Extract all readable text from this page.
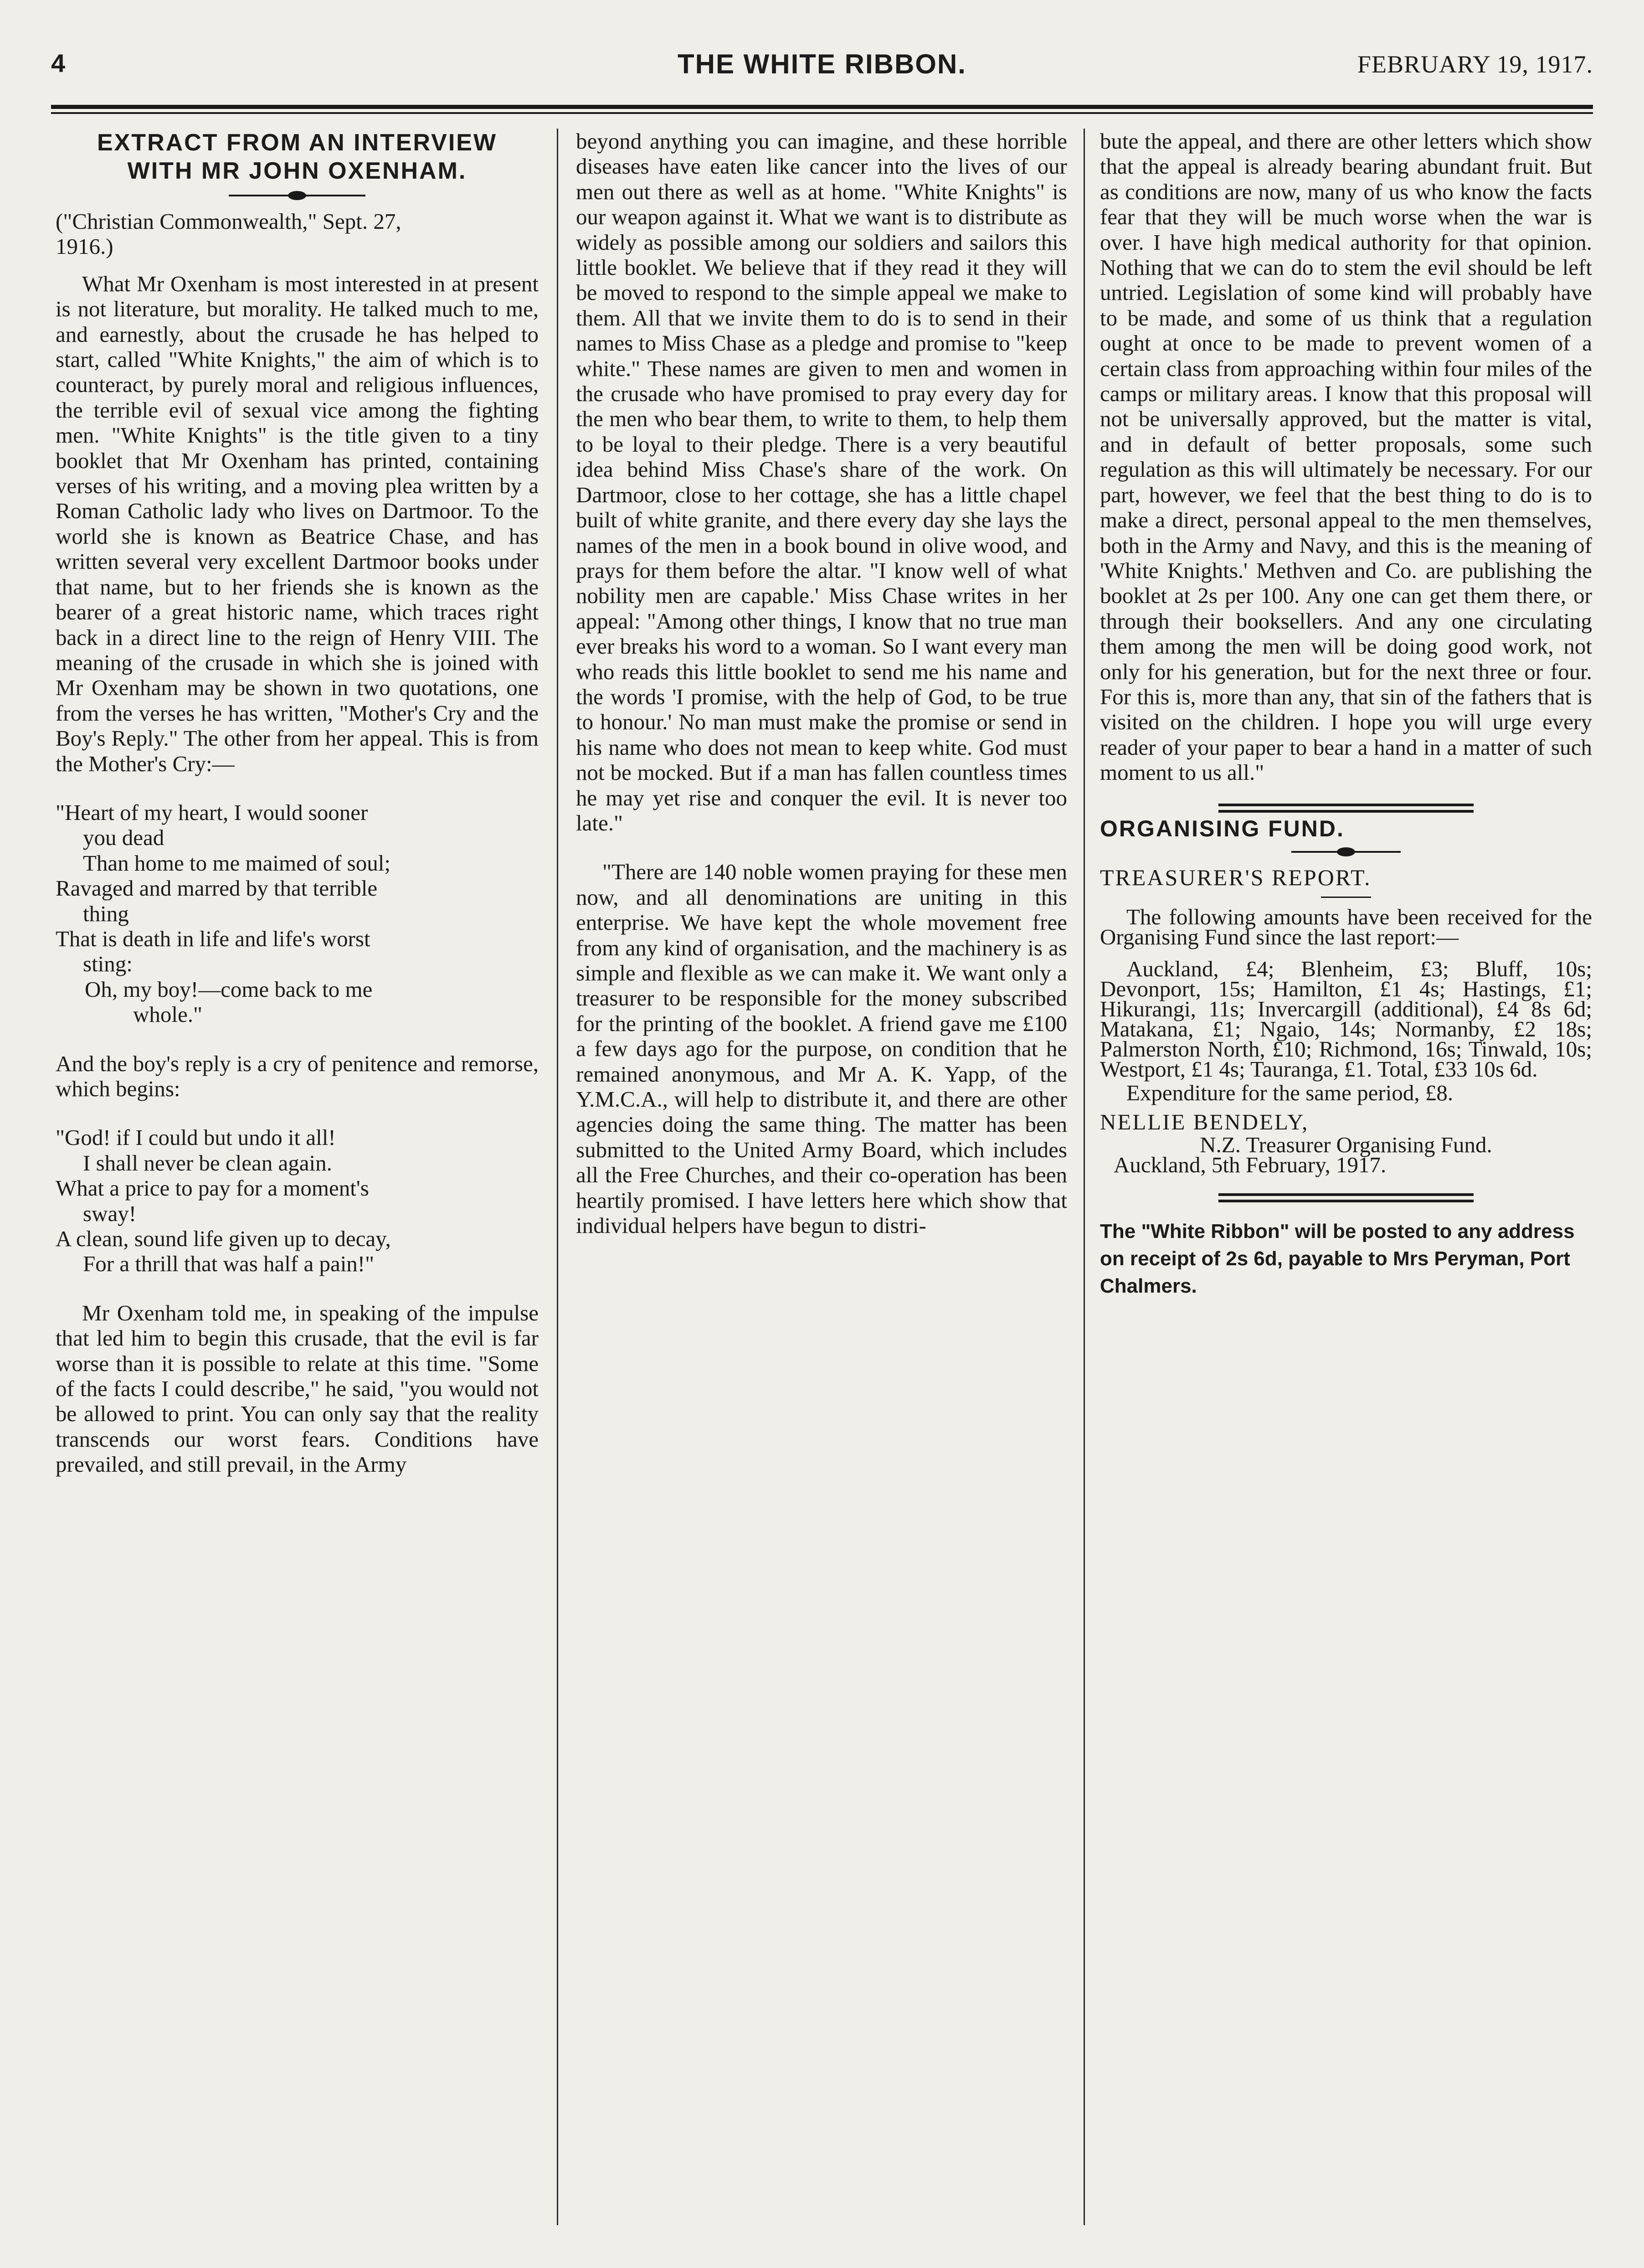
4	THE WHITE RIBBON.	FEBRUARY 19, 1917.
EXTRACT FROM AN INTERVIEW
WITH MR JOHN OXENHAM.

("Christian Commonwealth," Sept. 27,
1916.)

What Mr Oxenham is most interested in at present is not literature, but morality. He talked much to me, and earnestly, about the crusade he has helped to start, called "White Knights," the aim of which is to counteract, by purely moral and religious influences, the terrible evil of sexual vice among the fighting men. "White Knights" is the title given to a tiny booklet that Mr Oxenham has printed, containing verses of his writing, and a moving plea written by a Roman Catholic lady who lives on Dartmoor. To the world she is known as Beatrice Chase, and has written several very excellent Dartmoor books under that name, but to her friends she is known as the bearer of a great historic name, which traces right back in a direct line to the reign of Henry VIII. The meaning of the crusade in which she is joined with Mr Oxenham may be shown in two quotations, one from the verses he has written, "Mother's Cry and the Boy's Reply." The other from her appeal. This is from the Mother's Cry:—

"Heart of my heart, I would sooner

you dead

Than home to me maimed of soul;

Ravaged and marred by that terrible

thing

That is death in life and life's worst

sting:

Oh, my boy!—come back to me

whole."

And the boy's reply is a cry of penitence and remorse, which begins:

"God! if I could but undo it all!

I shall never be clean again.

What a price to pay for a moment's

sway!

A clean, sound life given up to decay,

For a thrill that was half a pain!"

Mr Oxenham told me, in speaking of the impulse that led him to begin this crusade, that the evil is far worse than it is possible to relate at this time. "Some of the facts I could describe," he said, "you would not be allowed to print. You can only say that the reality transcends our worst fears. Conditions have prevailed, and still prevail, in the Army

beyond anything you can imagine, and these horrible diseases have eaten like cancer into the lives of our men out there as well as at home. "White Knights" is our weapon against it. What we want is to distribute as widely as possible among our soldiers and sailors this little booklet. We believe that if they read it they will be moved to respond to the simple appeal we make to them. All that we invite them to do is to send in their names to Miss Chase as a pledge and promise to "keep white." These names are given to men and women in the crusade who have promised to pray every day for the men who bear them, to write to them, to help them to be loyal to their pledge. There is a very beautiful idea behind Miss Chase's share of the work. On Dartmoor, close to her cottage, she has a little chapel built of white granite, and there every day she lays the names of the men in a book bound in olive wood, and prays for them before the altar. "I know well of what nobility men are capable.' Miss Chase writes in her appeal: "Among other things, I know that no true man ever breaks his word to a woman. So I want every man who reads this little booklet to send me his name and the words 'I promise, with the help of God, to be true to honour.' No man must make the promise or send in his name who does not mean to keep white. God must not be mocked. But if a man has fallen countless times he may yet rise and conquer the evil. It is never too late."

"There are 140 noble women praying for these men now, and all denominations are uniting in this enterprise. We have kept the whole movement free from any kind of organisation, and the machinery is as simple and flexible as we can make it. We want only a treasurer to be responsible for the money subscribed for the printing of the booklet. A friend gave me £100 a few days ago for the purpose, on condition that he remained anonymous, and Mr A. K. Yapp, of the Y.M.C.A., will help to distribute it, and there are other agencies doing the same thing. The matter has been submitted to the United Army Board, which includes all the Free Churches, and their co-operation has been heartily promised. I have letters here which show that individual helpers have begun to distri-

bute the appeal, and there are other letters which show that the appeal is already bearing abundant fruit. But as conditions are now, many of us who know the facts fear that they will be much worse when the war is over. I have high medical authority for that opinion. Nothing that we can do to stem the evil should be left untried. Legislation of some kind will probably have to be made, and some of us think that a regulation ought at once to be made to prevent women of a certain class from approaching within four miles of the camps or military areas. I know that this proposal will not be universally approved, but the matter is vital, and in default of better proposals, some such regulation as this will ultimately be necessary. For our part, however, we feel that the best thing to do is to make a direct, personal appeal to the men themselves, both in the Army and Navy, and this is the meaning of 'White Knights.' Methven and Co. are publishing the booklet at 2s per 100. Any one can get them there, or through their booksellers. And any one circulating them among the men will be doing good work, not only for his generation, but for the next three or four. For this is, more than any, that sin of the fathers that is visited on the children. I hope you will urge every reader of your paper to bear a hand in a matter of such moment to us all."

ORGANISING FUND.

TREASURER'S REPORT.

The following amounts have been received for the Organising Fund since the last report:—

Auckland, £4; Blenheim, £3; Bluff, 10s; Devonport, 15s; Hamilton, £1 4s; Hastings, £1; Hikurangi, 11s; Invercargill (additional), £4 8s 6d; Matakana, £1; Ngaio, 14s; Normanby, £2 18s; Palmerston North, £10; Richmond, 16s; Tinwald, 10s; Westport, £1 4s; Tauranga, £1. Total, £33 10s 6d.

Expenditure for the same period, £8.

NELLIE BENDELY,

N.Z. Treasurer Organising Fund.

Auckland, 5th February, 1917.

The "White Ribbon" will be posted to any address on receipt of 2s 6d, payable to Mrs Peryman, Port Chalmers.
